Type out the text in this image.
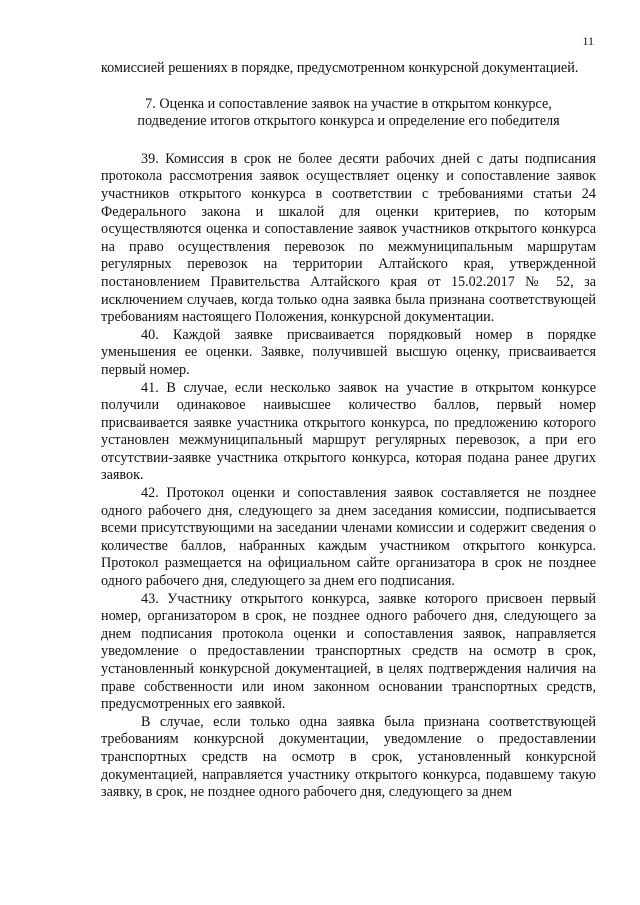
11

комиссией решениях в порядке, предусмотренном конкурсной документацией.

7. Оценка и сопоставление заявок на участие в открытом конкурсе,
подведение итогов открытого конкурса и определение его победителя

39. Комиссия в срок не более десяти рабочих дней с даты подписания протокола рассмотрения заявок осуществляет оценку и сопоставление заявок участников открытого конкурса в соответствии с требованиями статьи 24 Федерального закона и шкалой для оценки критериев, по которым осуществляются оценка и сопоставление заявок участников открытого конкурса на право осуществления перевозок по межмуниципальным маршрутам регулярных перевозок на территории Алтайского края, утвержденной постановлением Правительства Алтайского края от 15.02.2017 № 52, за исключением случаев, когда только одна заявка была признана соответствующей требованиям настоящего Положения, конкурсной документации.

40. Каждой заявке присваивается порядковый номер в порядке уменьшения ее оценки. Заявке, получившей высшую оценку, присваивается первый номер.

41. В случае, если несколько заявок на участие в открытом конкурсе получили одинаковое наивысшее количество баллов, первый номер присваивается заявке участника открытого конкурса, по предложению которого установлен межмуниципальный маршрут регулярных перевозок, а при его отсутствии-заявке участника открытого конкурса, которая подана ранее других заявок.

42. Протокол оценки и сопоставления заявок составляется не позднее одного рабочего дня, следующего за днем заседания комиссии, подписывается всеми присутствующими на заседании членами комиссии и содержит сведения о количестве баллов, набранных каждым участником открытого конкурса. Протокол размещается на официальном сайте организатора в срок не позднее одного рабочего дня, следующего за днем его подписания.

43. Участнику открытого конкурса, заявке которого присвоен первый номер, организатором в срок, не позднее одного рабочего дня, следующего за днем подписания протокола оценки и сопоставления заявок, направляется уведомление о предоставлении транспортных средств на осмотр в срок, установленный конкурсной документацией, в целях подтверждения наличия на праве собственности или ином законном основании транспортных средств, предусмотренных его заявкой.

В случае, если только одна заявка была признана соответствующей требованиям конкурсной документации, уведомление о предоставлении транспортных средств на осмотр в срок, установленный конкурсной документацией, направляется участнику открытого конкурса, подавшему такую заявку, в срок, не позднее одного рабочего дня, следующего за днем
